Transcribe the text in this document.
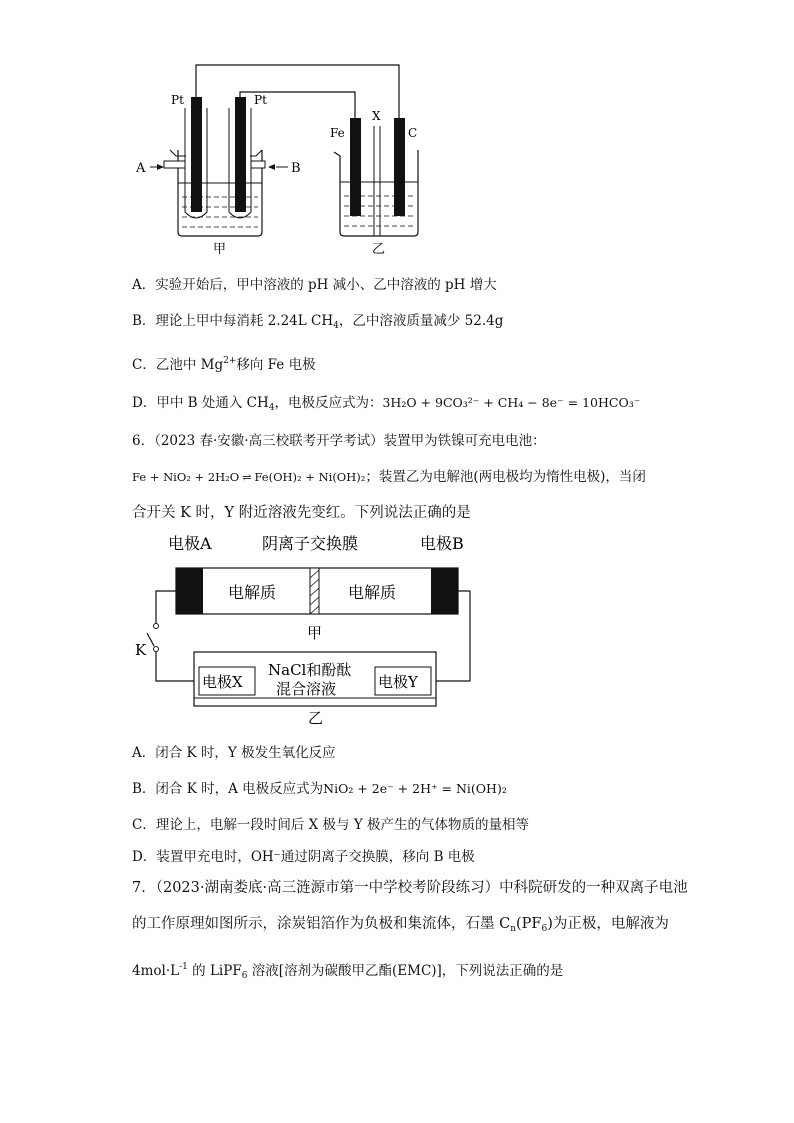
A	B
Pt	Pt
甲
Fe
X
C
乙
A．实验开始后，甲中溶液的 pH 减小、乙中溶液的 pH 增大
B．理论上甲中每消耗 2.24L $CH_4$，乙中溶液质量减少 52.4g
C．乙池中 $Mg^{2+}$移向 Fe 电极
D．甲中 B 处通入 $CH_4$，电极反应式为：3H₂O + 9CO₃²⁻ + CH₄ − 8e⁻ = 10HCO₃⁻
6．（2023 春·安徽·高三校联考开学考试）装置甲为铁镍可充电电池：
Fe + NiO₂ + 2H₂O ⇌ Fe(OH)₂ + Ni(OH)₂；装置乙为电解池(两电极均为惰性电极)，当闭
合开关 K 时，Y 附近溶液先变红。下列说法正确的是
电极A	阴离子交换膜	电极B
电解质	电解质
甲
K
电极X	电极Y
NaCl和酚酞
混合溶液
乙
A．闭合 K 时，Y 极发生氧化反应
B．闭合 K 时，A 电极反应式为NiO₂ + 2e⁻ + 2H⁺ = Ni(OH)₂
C．理论上，电解一段时间后 X 极与 Y 极产生的气体物质的量相等
D．装置甲充电时，OH⁻通过阴离子交换膜，移向 B 电极
7．（2023·湖南娄底·高三涟源市第一中学校考阶段练习）中科院研发的一种双离子电池
的工作原理如图所示，涂炭铝箔作为负极和集流体，石墨 $C_n(PF_6)$为正极，电解液为
$4mol\cdot L^{-1}$ 的 LiPF$_6$ 溶液[溶剂为碳酸甲乙酯(EMC)]，下列说法正确的是
